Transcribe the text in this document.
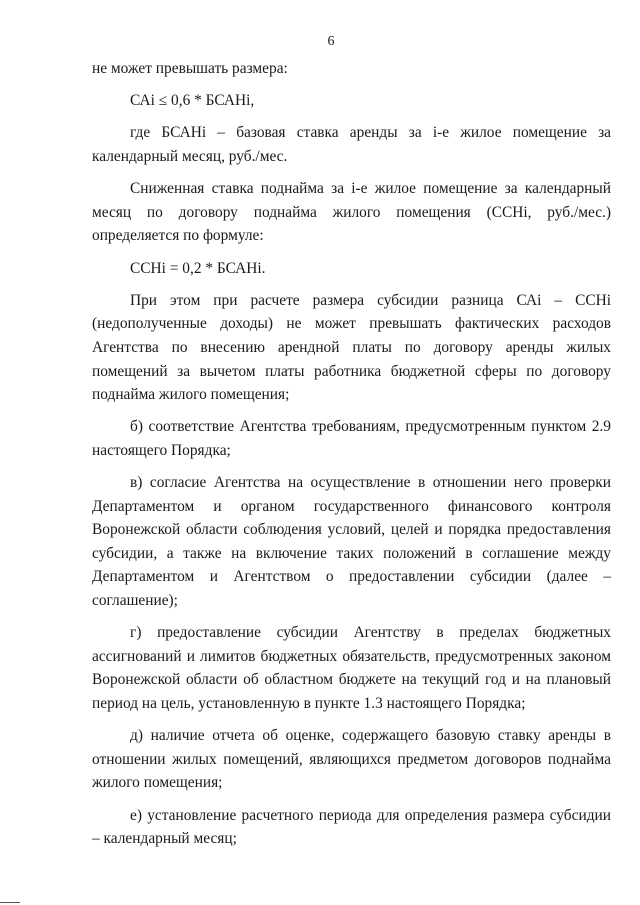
6

не может превышать размера:

САi ≤ 0,6 * БСАНi,

где БСАНi – базовая ставка аренды за i-е жилое помещение за календарный месяц, руб./мес.

Сниженная ставка поднайма за i-е жилое помещение за календарный месяц по договору поднайма жилого помещения (ССНi, руб./мес.) определяется по формуле:

ССНi = 0,2 * БСАНi.

При этом при расчете размера субсидии разница САi – ССНi (недополученные доходы) не может превышать фактических расходов Агентства по внесению арендной платы по договору аренды жилых помещений за вычетом платы работника бюджетной сферы по договору поднайма жилого помещения;

б) соответствие Агентства требованиям, предусмотренным пунктом 2.9 настоящего Порядка;

в) согласие Агентства на осуществление в отношении него проверки Департаментом и органом государственного финансового контроля Воронежской области соблюдения условий, целей и порядка предоставления субсидии, а также на включение таких положений в соглашение между Департаментом и Агентством о предоставлении субсидии (далее – соглашение);

г) предоставление субсидии Агентству в пределах бюджетных ассигнований и лимитов бюджетных обязательств, предусмотренных законом Воронежской области об областном бюджете на текущий год и на плановый период на цель, установленную в пункте 1.3 настоящего Порядка;

д) наличие отчета об оценке, содержащего базовую ставку аренды в отношении жилых помещений, являющихся предметом договоров поднайма жилого помещения;

е) установление расчетного периода для определения размера субсидии – календарный месяц;
